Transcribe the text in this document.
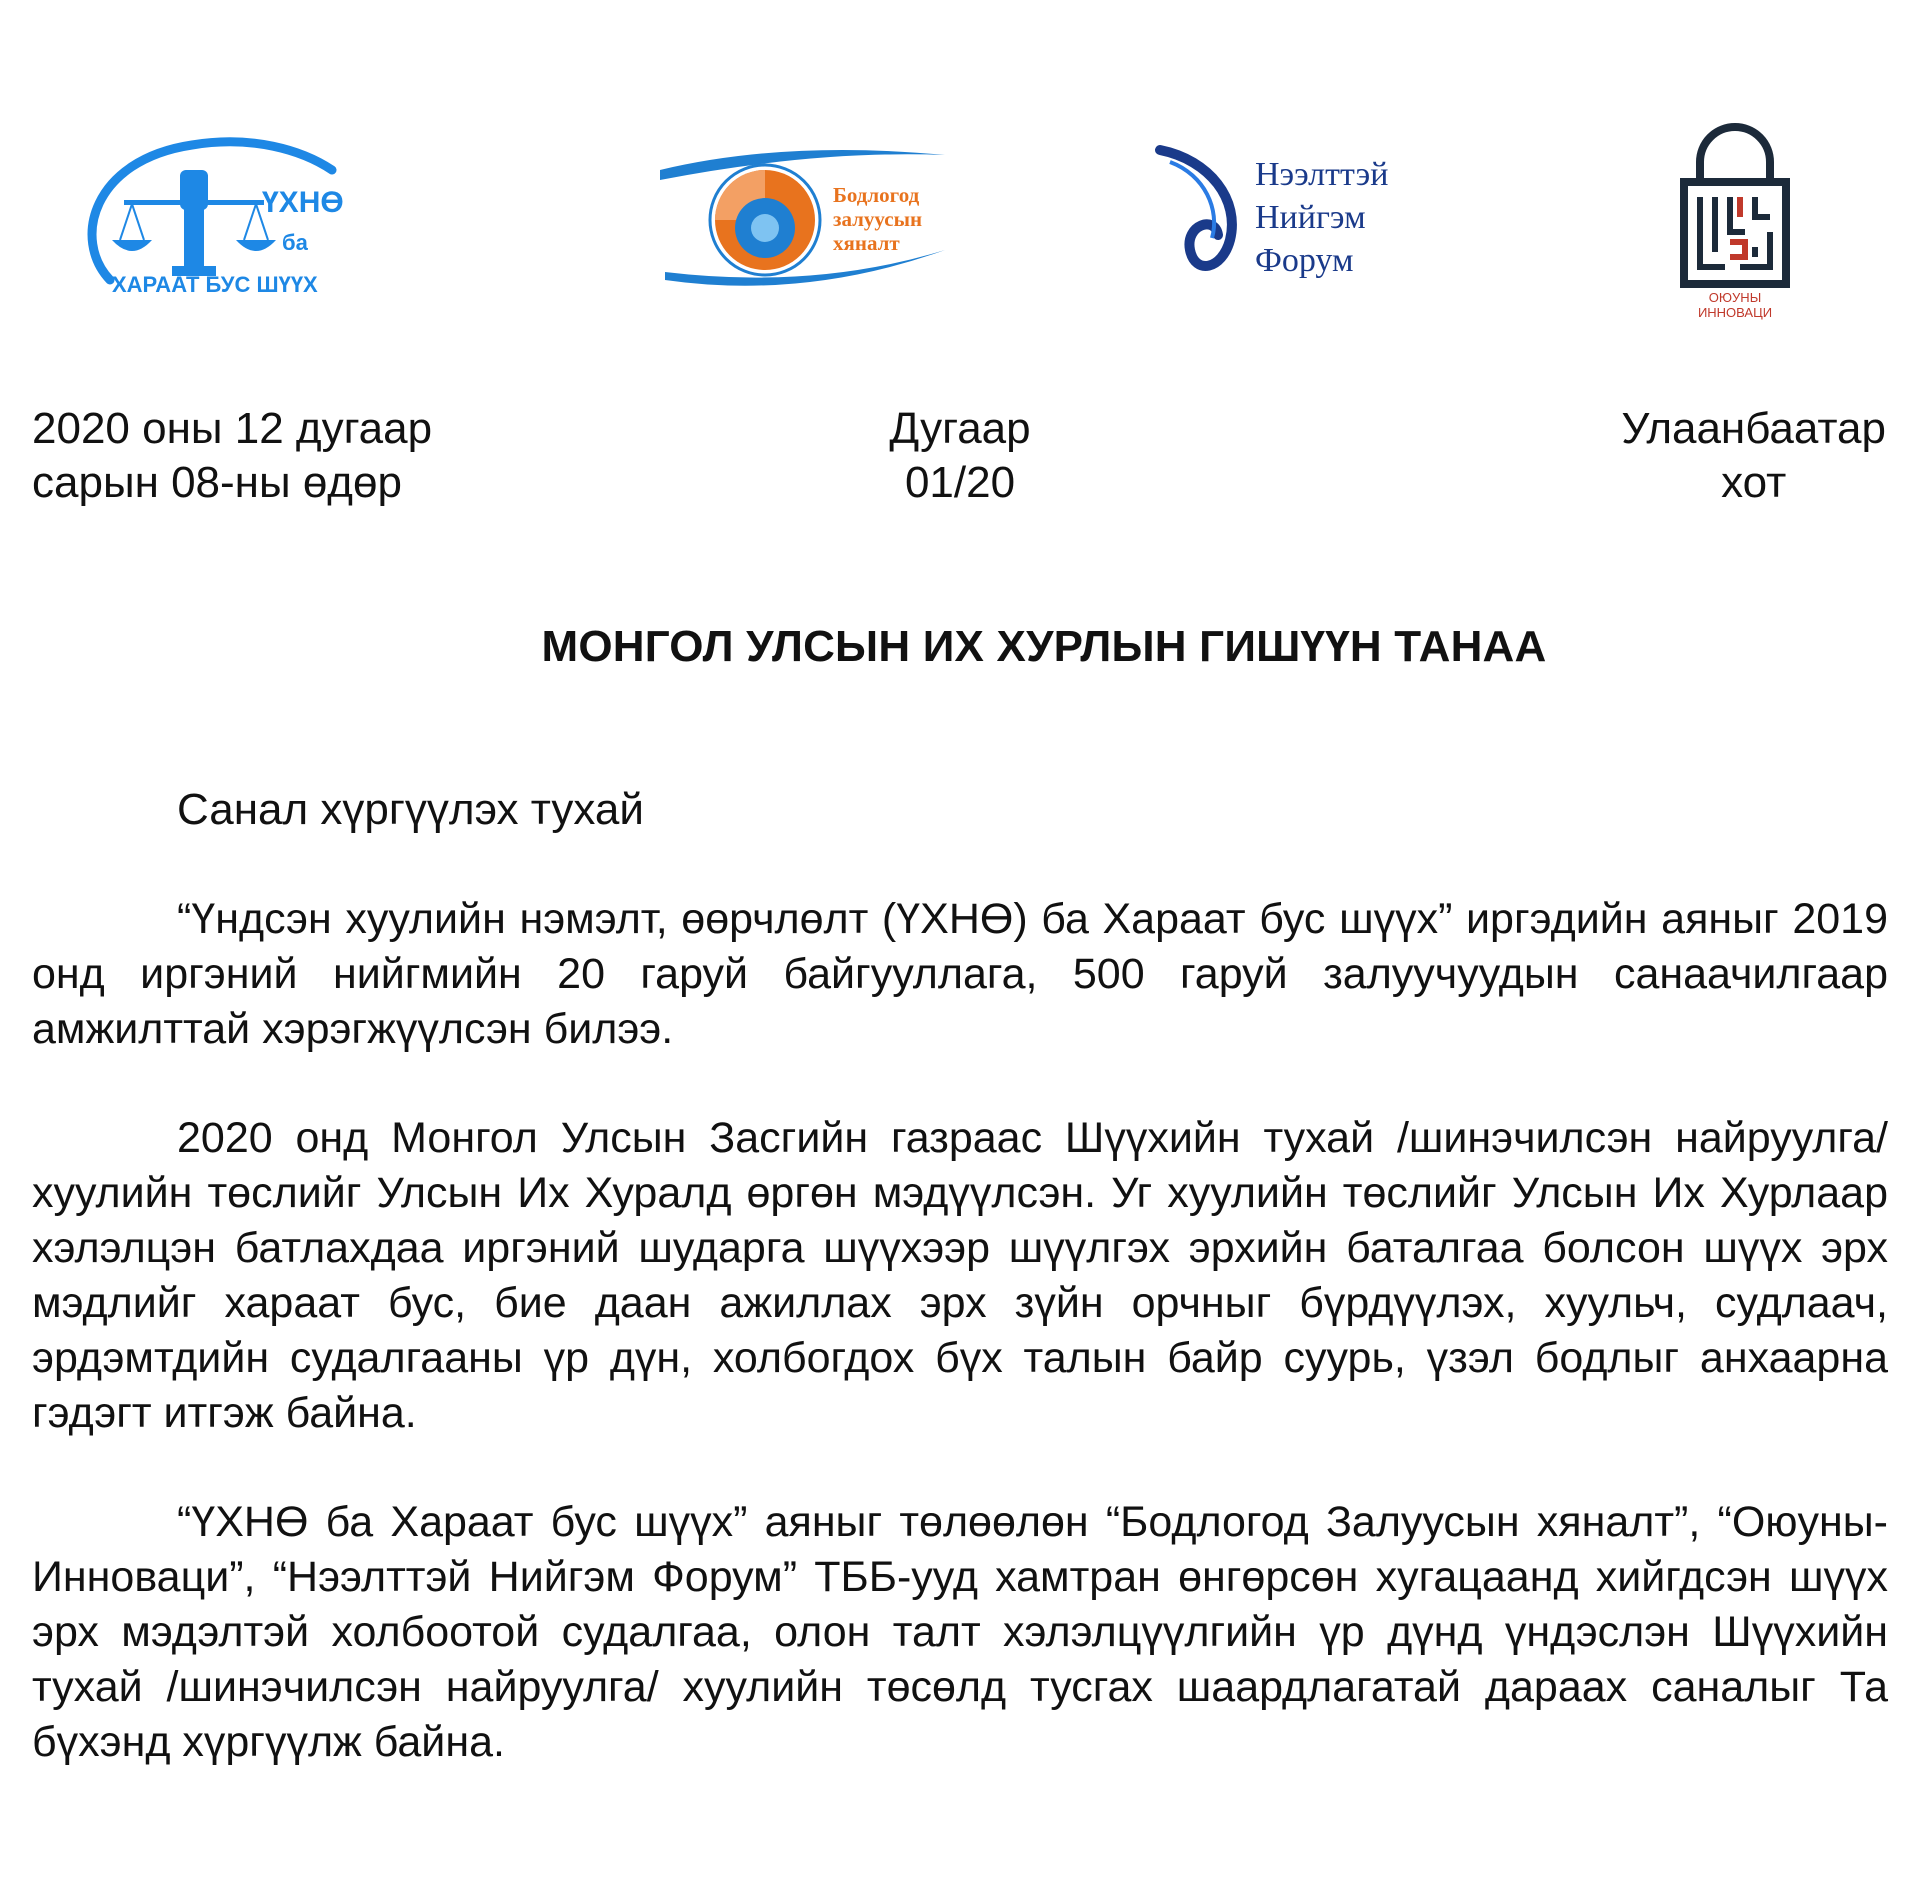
ҮХНӨ
ба
ХАРААТ БУС ШҮҮХ
Бодлогод
залуусын
хяналт
Нээлттэй
Нийгэм
Форум
ОЮУНЫ
ИННОВАЦИ
2020 оны 12 дугаар
сарын 08-ны өдөр
Дугаар
01/20
Улаанбаатар
хот
МОНГОЛ УЛСЫН ИХ ХУРЛЫН ГИШҮҮН ТАНАА
Санал хүргүүлэх тухай

“Үндсэн хуулийн нэмэлт, өөрчлөлт (ҮХНӨ) ба Хараат бус шүүх” иргэдийн аяныг 2019 онд иргэний нийгмийн 20 гаруй байгууллага, 500 гаруй залуучуудын санаачилгаар амжилттай хэрэгжүүлсэн билээ.

2020 онд Монгол Улсын Засгийн газраас Шүүхийн тухай /шинэчилсэн найруулга/ хуулийн төслийг Улсын Их Хуралд өргөн мэдүүлсэн. Уг хуулийн төслийг Улсын Их Хурлаар хэлэлцэн батлахдаа иргэний шударга шүүхээр шүүлгэх эрхийн баталгаа болсон шүүх эрх мэдлийг хараат бус, бие даан ажиллах эрх зүйн орчныг бүрдүүлэх, хуульч, судлаач, эрдэмтдийн судалгааны үр дүн, холбогдох бүх талын байр суурь, үзэл бодлыг анхаарна гэдэгт итгэж байна.

“ҮХНӨ ба Хараат бус шүүх” аяныг төлөөлөн “Бодлогод Залуусын хяналт”, “Оюуны-Инноваци”, “Нээлттэй Нийгэм Форум” ТББ-ууд хамтран өнгөрсөн хугацаанд хийгдсэн шүүх эрх мэдэлтэй холбоотой судалгаа, олон талт хэлэлцүүлгийн үр дүнд үндэслэн Шүүхийн тухай /шинэчилсэн найруулга/ хуулийн төсөлд тусгах шаардлагатай дараах саналыг Та бүхэнд хүргүүлж байна.
